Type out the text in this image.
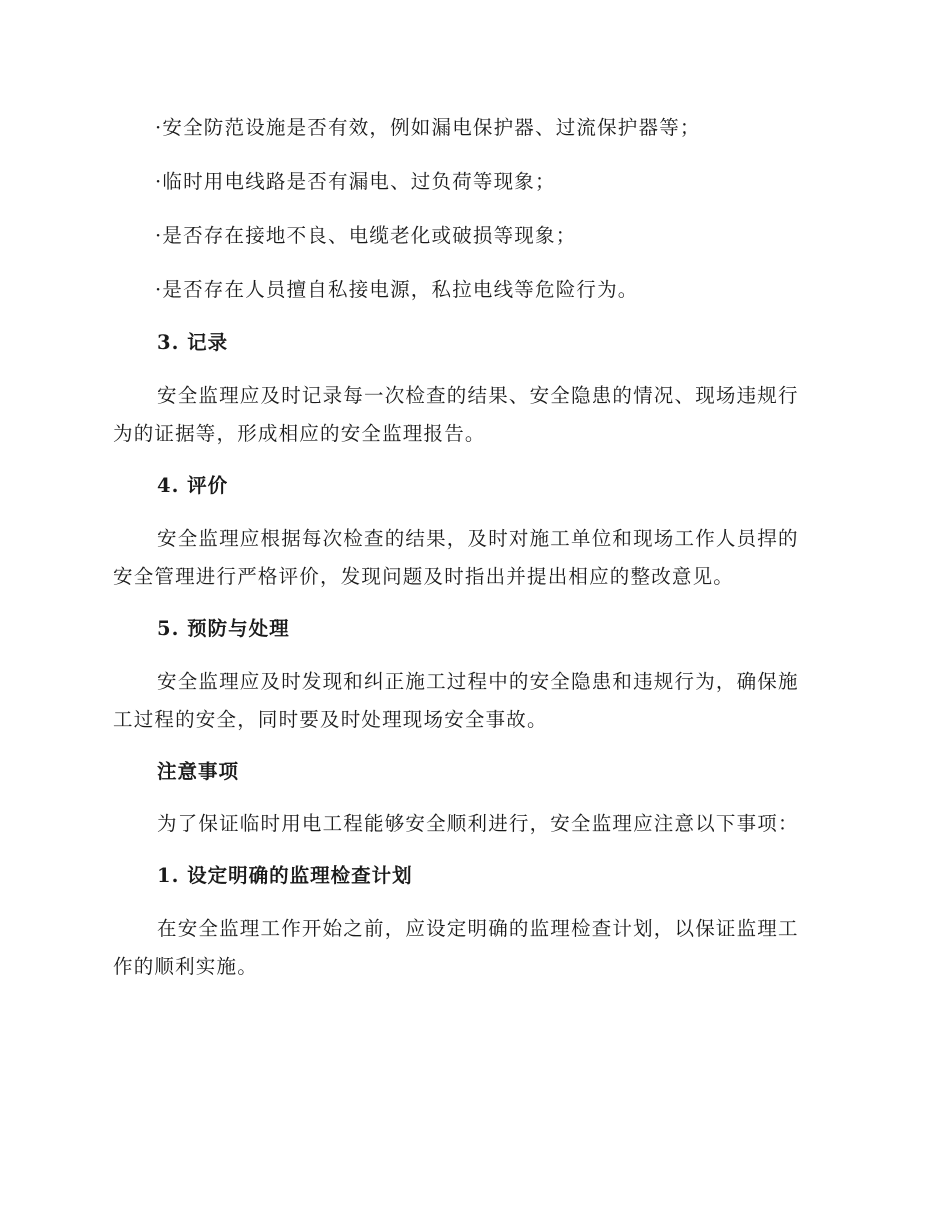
·安全防范设施是否有效，例如漏电保护器、过流保护器等；
·临时用电线路是否有漏电、过负荷等现象；
·是否存在接地不良、电缆老化或破损等现象；
·是否存在人员擅自私接电源，私拉电线等危险行为。
3. 记录
安全监理应及时记录每一次检查的结果、安全隐患的情况、现场违规行
为的证据等，形成相应的安全监理报告。
4. 评价
安全监理应根据每次检查的结果，及时对施工单位和现场工作人员捍的
安全管理进行严格评价，发现问题及时指出并提出相应的整改意见。
5. 预防与处理
安全监理应及时发现和纠正施工过程中的安全隐患和违规行为，确保施
工过程的安全，同时要及时处理现场安全事故。
注意事项
为了保证临时用电工程能够安全顺利进行，安全监理应注意以下事项：
1. 设定明确的监理检查计划
在安全监理工作开始之前，应设定明确的监理检查计划，以保证监理工
作的顺利实施。
